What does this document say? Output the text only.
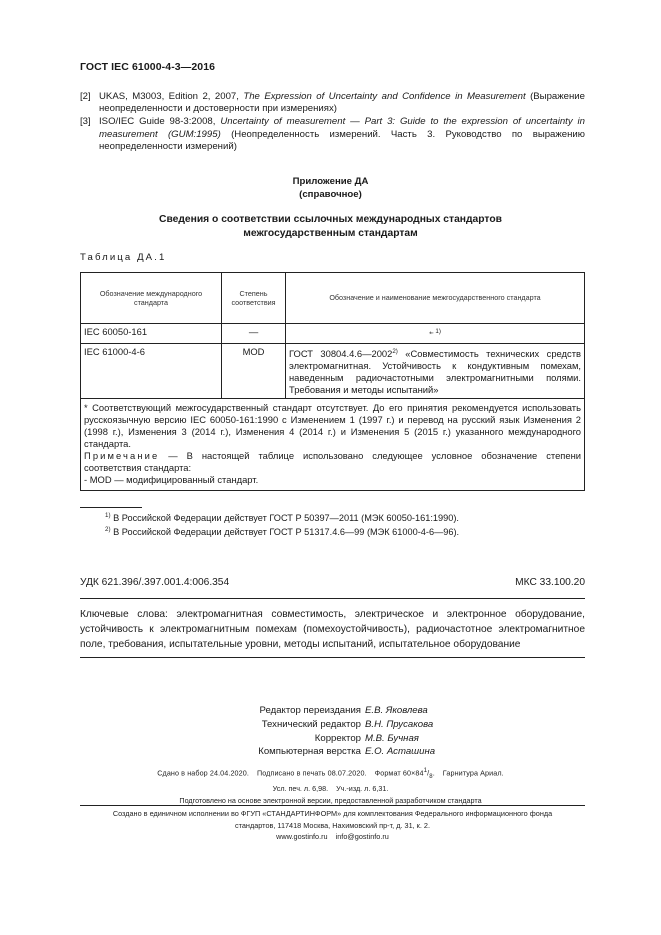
ГОСТ IEC 61000-4-3—2016
[2] UKAS, M3003, Edition 2, 2007, The Expression of Uncertainty and Confidence in Measurement (Выражение неопределенности и достоверности при измерениях)
[3] ISO/IEC Guide 98-3:2008, Uncertainty of measurement — Part 3: Guide to the expression of uncertainty in measurement (GUM:1995) (Неопределенность измерений. Часть 3. Руководство по выражению неопределенности измерений)
Приложение ДА
(справочное)
Сведения о соответствии ссылочных международных стандартов
межгосударственным стандартам
Таблица ДА.1
Обозначение международного стандарта	Степень соответствия	Обозначение и наименование межгосударственного стандарта
IEC 60050-161	—	*$^{, 1)}$
IEC 61000-4-6	MOD	ГОСТ 30804.4.6—2002$^{2)}$ «Совместимость технических средств электромагнитная. Устойчивость к кондуктивным помехам, наведенным радиочастотными электромагнитными полями. Требования и методы испытаний»

* Соответствующий межгосударственный стандарт отсутствует. До его принятия рекомендуется использовать русскоязычную версию IEC 60050-161:1990 с Изменением 1 (1997 г.) и перевод на русский язык Изменения 2 (1998 г.), Изменения 3 (2014 г.), Изменения 4 (2014 г.) и Изменения 5 (2015 г.) указанного международного стандарта.
Примечание — В настоящей таблице использовано следующее условное обозначение степени соответствия стандарта:
- MOD — модифицированный стандарт.		
$^{1)}$ В Российской Федерации действует ГОСТ Р 50397—2011 (МЭК 60050-161:1990).
$^{2)}$ В Российской Федерации действует ГОСТ Р 51317.4.6—99 (МЭК 61000-4-6—96).
УДК 621.396/.397.001.4:006.354	МКС 33.100.20
Ключевые слова: электромагнитная совместимость, электрическое и электронное оборудование, устойчивость к электромагнитным помехам (помехоустойчивость), радиочастотное электромагнитное поле, требования, испытательные уровни, методы испытаний, испытательное оборудование
Редактор переиздания Е.В. Яковлева
Технический редактор В.Н. Прусакова
Корректор М.В. Бучная
Компьютерная верстка Е.О. Асташина
Сдано в набор 24.04.2020. Подписано в печать 08.07.2020. Формат $60\times 84^1/_8$. Гарнитура Ариал.
Усл. печ. л. 6,98. Уч.-изд. л. 6,31.
Подготовлено на основе электронной версии, предоставленной разработчиком стандарта
Создано в единичном исполнении во ФГУП «СТАНДАРТИНФОРМ» для комплектования Федерального информационного фонда
стандартов, 117418 Москва, Нахимовский пр-т, д. 31, к. 2.
www.gostinfo.ru info@gostinfo.ru
